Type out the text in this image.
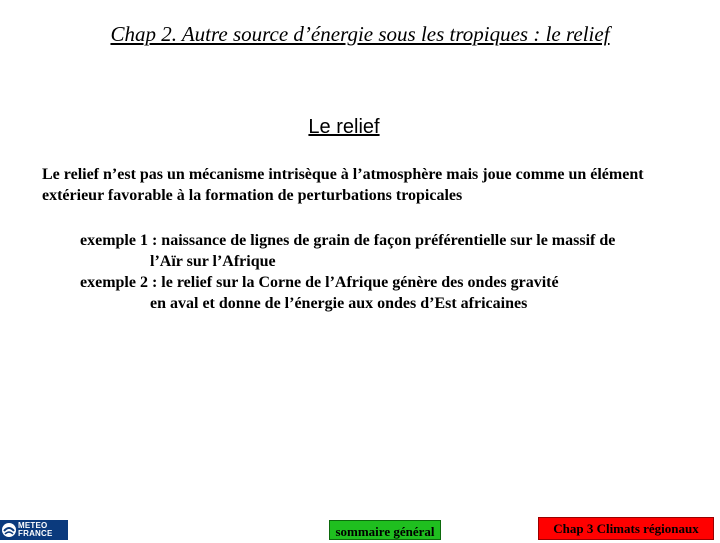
Chap 2. Autre source d’énergie sous les tropiques : le relief
Le relief
Le relief n’est pas un mécanisme intrisèque à l’atmosphère mais joue comme un élément extérieur favorable à la formation de perturbations tropicales
exemple 1 : naissance de lignes de grain de façon préférentielle sur le massif de
l’Aïr sur l’Afrique
exemple 2 : le relief sur la Corne de l’Afrique génère des ondes gravité
en aval et donne de l’énergie aux ondes d’Est africaines
METEO
FRANCE	sommaire général	Chap 3 Climats régionaux
